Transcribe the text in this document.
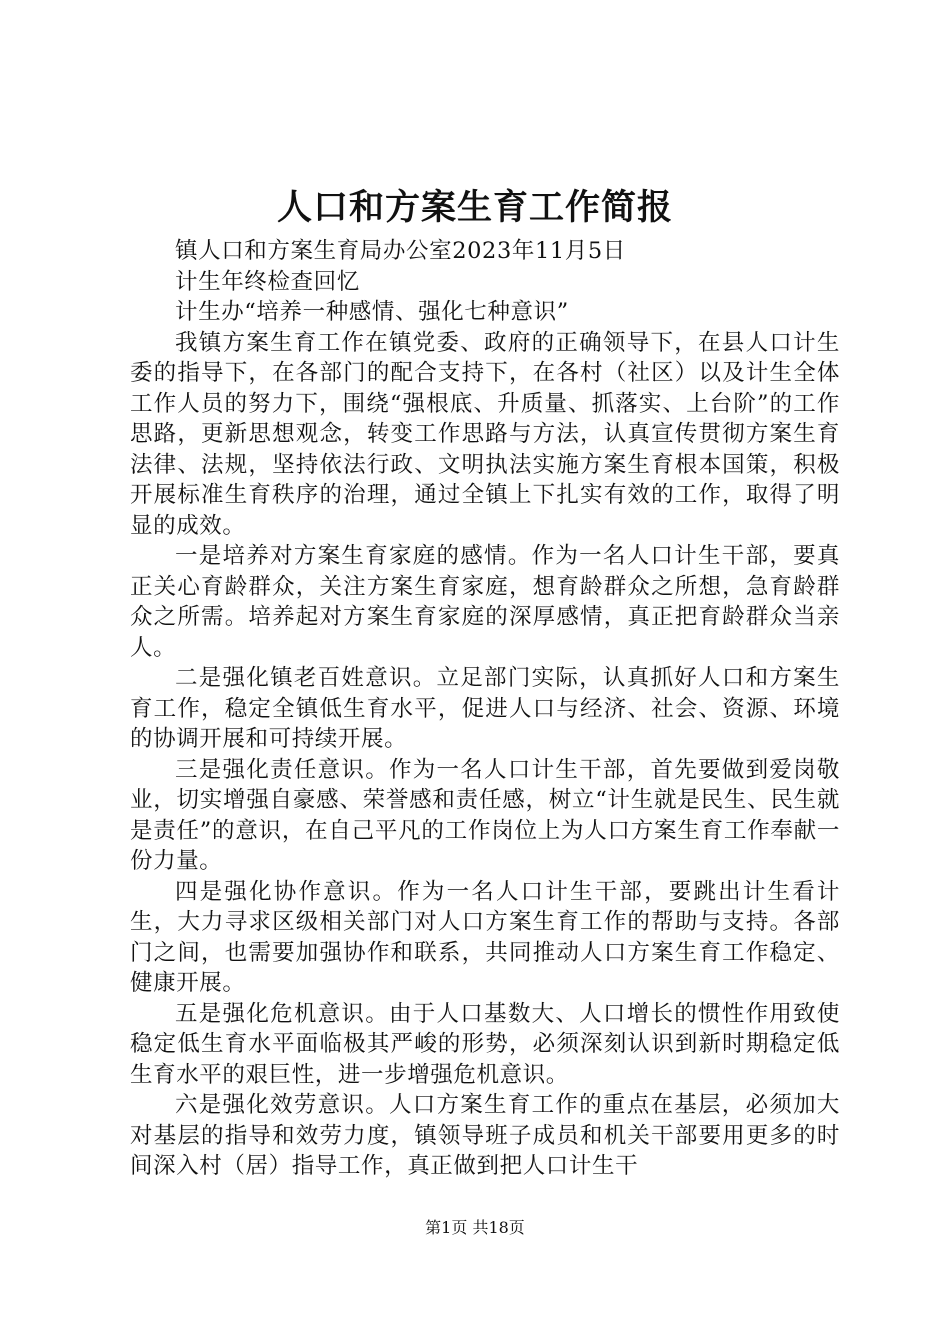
人口和方案生育工作简报

镇人口和方案生育局办公室2023年11月5日

计生年终检查回忆

计生办“培养一种感情、强化七种意识”

我镇方案生育工作在镇党委、政府的正确领导下，在县人口计生委的指导下，在各部门的配合支持下，在各村（社区）以及计生全体工作人员的努力下，围绕“强根底、升质量、抓落实、上台阶”的工作思路，更新思想观念，转变工作思路与方法，认真宣传贯彻方案生育法律、法规，坚持依法行政、文明执法实施方案生育根本国策，积极开展标准生育秩序的治理，通过全镇上下扎实有效的工作，取得了明显的成效。

一是培养对方案生育家庭的感情。作为一名人口计生干部，要真正关心育龄群众，关注方案生育家庭，想育龄群众之所想，急育龄群众之所需。培养起对方案生育家庭的深厚感情，真正把育龄群众当亲人。

二是强化镇老百姓意识。立足部门实际，认真抓好人口和方案生育工作，稳定全镇低生育水平，促进人口与经济、社会、资源、环境的协调开展和可持续开展。

三是强化责任意识。作为一名人口计生干部，首先要做到爱岗敬业，切实增强自豪感、荣誉感和责任感，树立“计生就是民生、民生就是责任”的意识，在自己平凡的工作岗位上为人口方案生育工作奉献一份力量。

四是强化协作意识。作为一名人口计生干部，要跳出计生看计生，大力寻求区级相关部门对人口方案生育工作的帮助与支持。各部门之间，也需要加强协作和联系，共同推动人口方案生育工作稳定、健康开展。

五是强化危机意识。由于人口基数大、人口增长的惯性作用致使稳定低生育水平面临极其严峻的形势，必须深刻认识到新时期稳定低生育水平的艰巨性，进一步增强危机意识。

六是强化效劳意识。人口方案生育工作的重点在基层，必须加大对基层的指导和效劳力度，镇领导班子成员和机关干部要用更多的时间深入村（居）指导工作，真正做到把人口计生干

第1页 共18页
